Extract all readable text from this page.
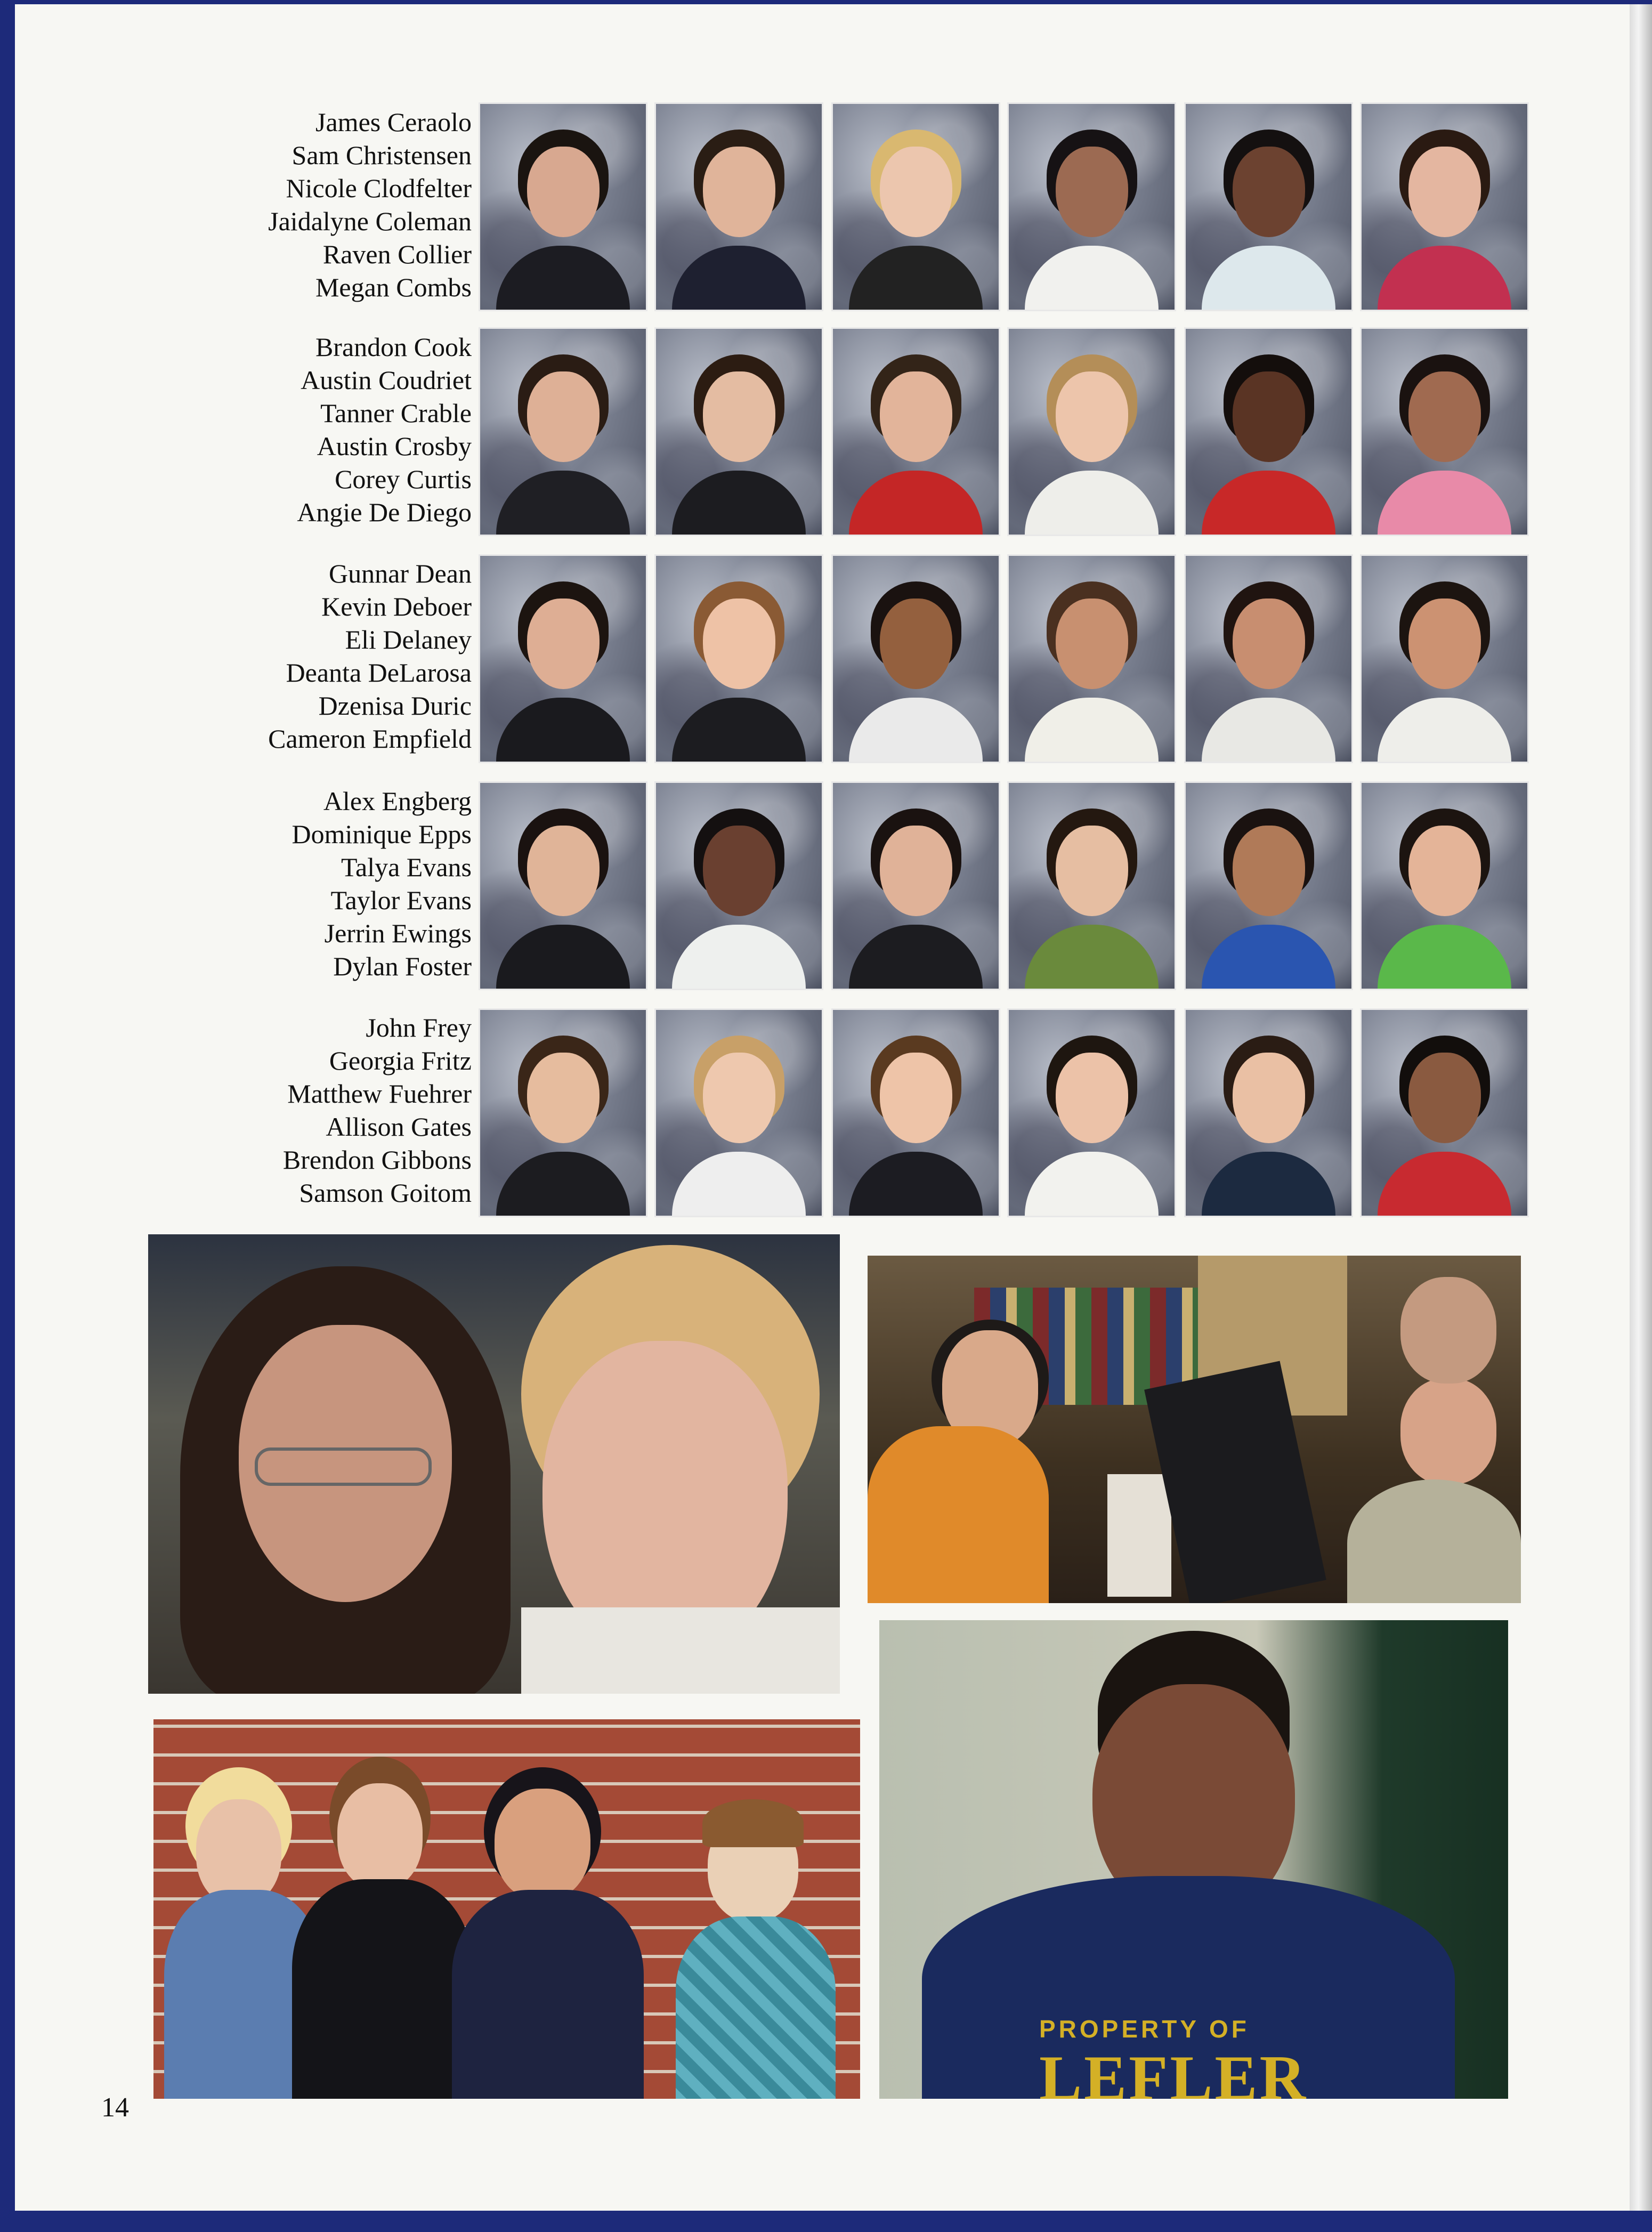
James Ceraolo
Sam Christensen
Nicole Clodfelter
Jaidalyne Coleman
Raven Collier
Megan Combs
Brandon Cook
Austin Coudriet
Tanner Crable
Austin Crosby
Corey Curtis
Angie De Diego
Gunnar Dean
Kevin Deboer
Eli Delaney
Deanta DeLarosa
Dzenisa Duric
Cameron Empfield
Alex Engberg
Dominique Epps
Talya Evans
Taylor Evans
Jerrin Ewings
Dylan Foster
John Frey
Georgia Fritz
Matthew Fuehrer
Allison Gates
Brendon Gibbons
Samson Goitom
PROPERTY OF
LEFLER
14
